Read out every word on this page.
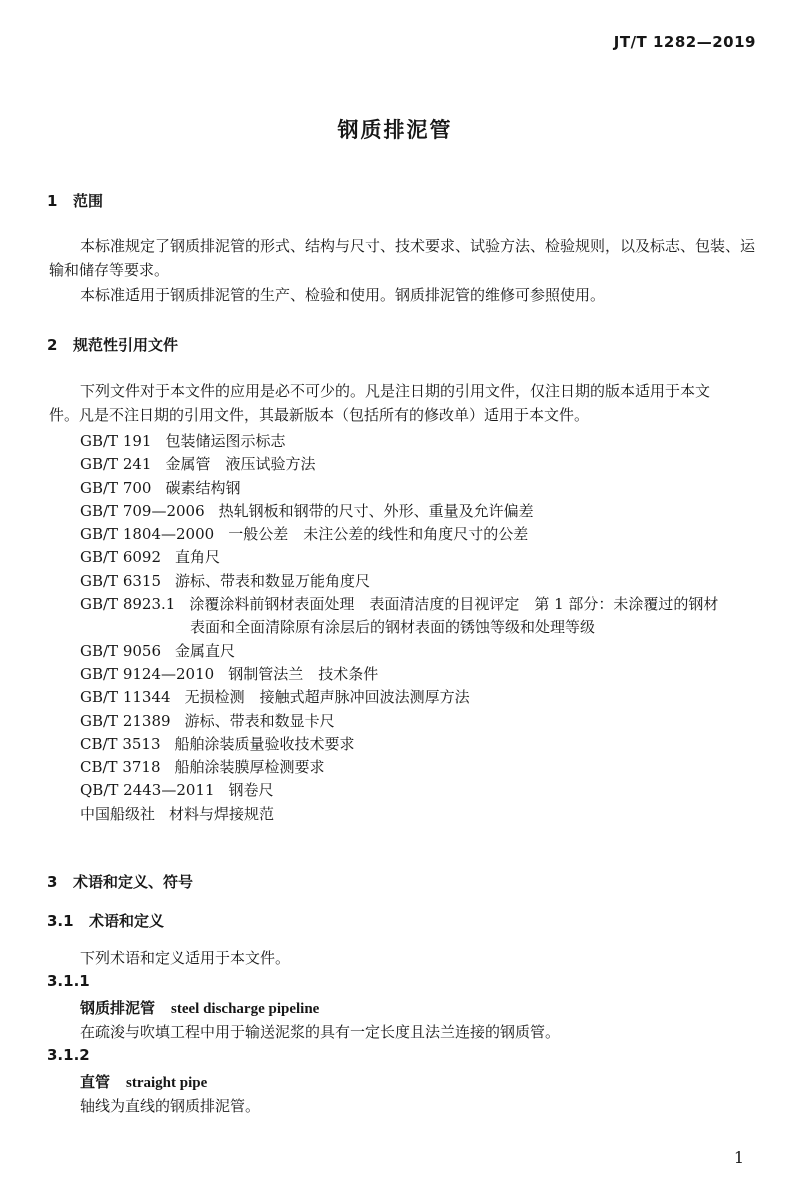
JT/T 1282—2019
钢质排泥管
1 范围
本标准规定了钢质排泥管的形式、结构与尺寸、技术要求、试验方法、检验规则，以及标志、包装、运
输和储存等要求。
本标准适用于钢质排泥管的生产、检验和使用。钢质排泥管的维修可参照使用。
2 规范性引用文件
下列文件对于本文件的应用是必不可少的。凡是注日期的引用文件，仅注日期的版本适用于本文
件。凡是不注日期的引用文件，其最新版本（包括所有的修改单）适用于本文件。
GB/T 191 包装储运图示标志
GB/T 241 金属管　液压试验方法
GB/T 700 碳素结构钢
GB/T 709—2006 热轧钢板和钢带的尺寸、外形、重量及允许偏差
GB/T 1804—2000 一般公差　未注公差的线性和角度尺寸的公差
GB/T 6092 直角尺
GB/T 6315 游标、带表和数显万能角度尺
GB/T 8923.1 涂覆涂料前钢材表面处理　表面清洁度的目视评定　第 1 部分：未涂覆过的钢材
表面和全面清除原有涂层后的钢材表面的锈蚀等级和处理等级
GB/T 9056 金属直尺
GB/T 9124—2010 钢制管法兰　技术条件
GB/T 11344 无损检测　接触式超声脉冲回波法测厚方法
GB/T 21389 游标、带表和数显卡尺
CB/T 3513 船舶涂装质量验收技术要求
CB/T 3718 船舶涂装膜厚检测要求
QB/T 2443—2011 钢卷尺
中国船级社 材料与焊接规范
3 术语和定义、符号
3.1 术语和定义
下列术语和定义适用于本文件。
3.1.1
钢质排泥管 steel discharge pipeline
在疏浚与吹填工程中用于输送泥浆的具有一定长度且法兰连接的钢质管。
3.1.2
直管 straight pipe
轴线为直线的钢质排泥管。
1
